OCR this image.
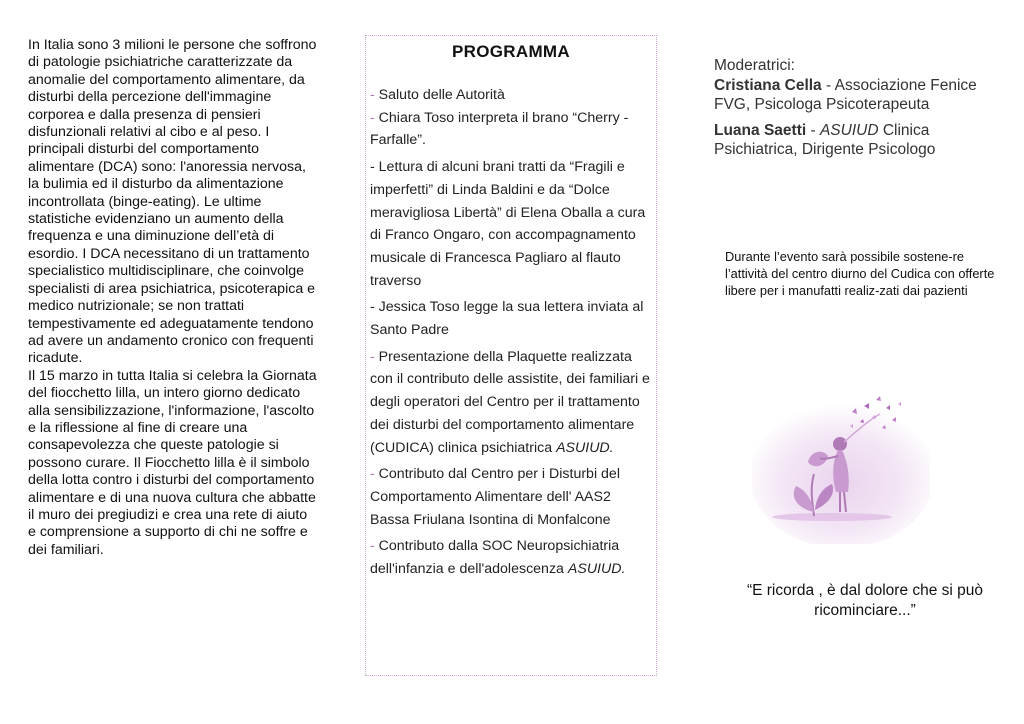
In Italia sono 3 milioni le persone che soffrono di patologie psichiatriche caratterizzate da anomalie del comportamento alimentare, da disturbi della percezione dell'immagine corporea e dalla presenza di pensieri disfunzionali relativi al cibo e al peso. I principali disturbi del comportamento alimentare (DCA) sono: l'anoressia nervosa, la bulimia ed il disturbo da alimentazione incontrollata (binge-eating). Le ultime statistiche evidenziano un aumento della frequenza e una diminuzione dell’età di esordio. I DCA necessitano di un trattamento specialistico multidisciplinare, che coinvolge specialisti di area psichiatrica, psicoterapica e medico nutrizionale; se non trattati tempestivamente ed adeguatamente tendono ad avere un andamento cronico con frequenti ricadute.

Il 15 marzo in tutta Italia si celebra la Giornata del fiocchetto lilla, un intero giorno dedicato alla sensibilizzazione, l'informazione, l'ascolto e la riflessione al fine di creare una consapevolezza che queste patologie si possono curare. Il Fiocchetto lilla è il simbolo della lotta contro i disturbi del comportamento alimentare e di una nuova cultura che abbatte il muro dei pregiudizi e crea una rete di aiuto e comprensione a supporto di chi ne soffre e dei familiari.

PROGRAMMA
- Saluto delle Autorità
- Chiara Toso interpreta il brano “Cherry - Farfalle”.
- Lettura di alcuni brani tratti da “Fragili e imperfetti” di Linda Baldini e da “Dolce meravigliosa Libertà” di Elena Oballa a cura di Franco Ongaro, con accompagnamento musicale di Francesca Pagliaro al flauto traverso
- Jessica Toso legge la sua lettera inviata al Santo Padre
- Presentazione della Plaquette realizzata con il contributo delle assistite, dei familiari e degli operatori del Centro per il trattamento dei disturbi del comportamento alimentare (CUDICA) clinica psichiatrica ASUIUD.
- Contributo dal Centro per i Disturbi del Comportamento Alimentare dell' AAS2 Bassa Friulana Isontina di Monfalcone
- Contributo dalla SOC Neuropsichiatria dell'infanzia e dell'adolescenza ASUIUD.
Moderatrici:
Cristiana Cella - Associazione Fenice FVG, Psicologa Psicoterapeuta
Luana Saetti - ASUIUD Clinica Psichiatrica, Dirigente Psicologo
Durante l’evento sarà possibile sostene-re l’attività del centro diurno del Cudica con offerte libere per i manufatti realiz-zati dai pazienti
“E ricorda , è dal dolore che si può ricominciare...”
